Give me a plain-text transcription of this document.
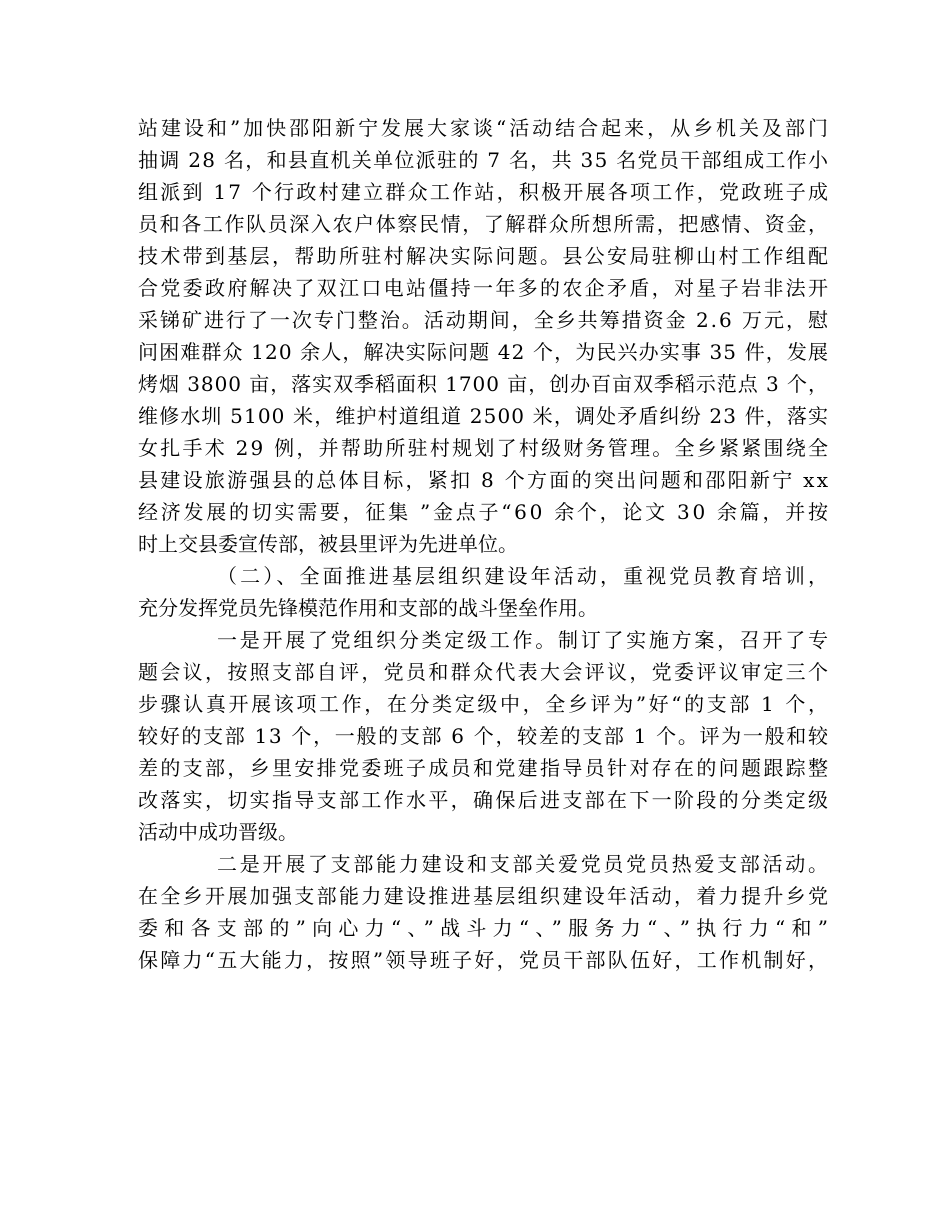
站建设和”加快邵阳新宁发展大家谈“活动结合起来，从乡机关及部门
抽调 28 名，和县直机关单位派驻的 7 名，共 35 名党员干部组成工作小
组派到 17 个行政村建立群众工作站，积极开展各项工作，党政班子成
员和各工作队员深入农户体察民情，了解群众所想所需，把感情、资金，
技术带到基层，帮助所驻村解决实际问题。县公安局驻柳山村工作组配
合党委政府解决了双江口电站僵持一年多的农企矛盾，对星子岩非法开
采锑矿进行了一次专门整治。活动期间，全乡共筹措资金 2.6 万元，慰
问困难群众 120 余人，解决实际问题 42 个，为民兴办实事 35 件，发展
烤烟 3800 亩，落实双季稻面积 1700 亩，创办百亩双季稻示范点 3 个，
维修水圳 5100 米，维护村道组道 2500 米，调处矛盾纠纷 23 件，落实
女扎手术 29 例，并帮助所驻村规划了村级财务管理。全乡紧紧围绕全
县建设旅游强县的总体目标，紧扣 8 个方面的突出问题和邵阳新宁 xx
经济发展的切实需要，征集 ”金点子“60 余个，论文 30 余篇，并按
时上交县委宣传部，被县里评为先进单位。
（二）、全面推进基层组织建设年活动，重视党员教育培训，
充分发挥党员先锋模范作用和支部的战斗堡垒作用。
一是开展了党组织分类定级工作。制订了实施方案，召开了专
题会议，按照支部自评，党员和群众代表大会评议，党委评议审定三个
步骤认真开展该项工作，在分类定级中，全乡评为”好“的支部 1 个，
较好的支部 13 个，一般的支部 6 个，较差的支部 1 个。评为一般和较
差的支部，乡里安排党委班子成员和党建指导员针对存在的问题跟踪整
改落实，切实指导支部工作水平，确保后进支部在下一阶段的分类定级
活动中成功晋级。
二是开展了支部能力建设和支部关爱党员党员热爱支部活动。
在全乡开展加强支部能力建设推进基层组织建设年活动，着力提升乡党
委和各支部的”向心力“、”战斗力“、”服务力“、”执行力“和”
保障力“五大能力，按照”领导班子好，党员干部队伍好，工作机制好，
